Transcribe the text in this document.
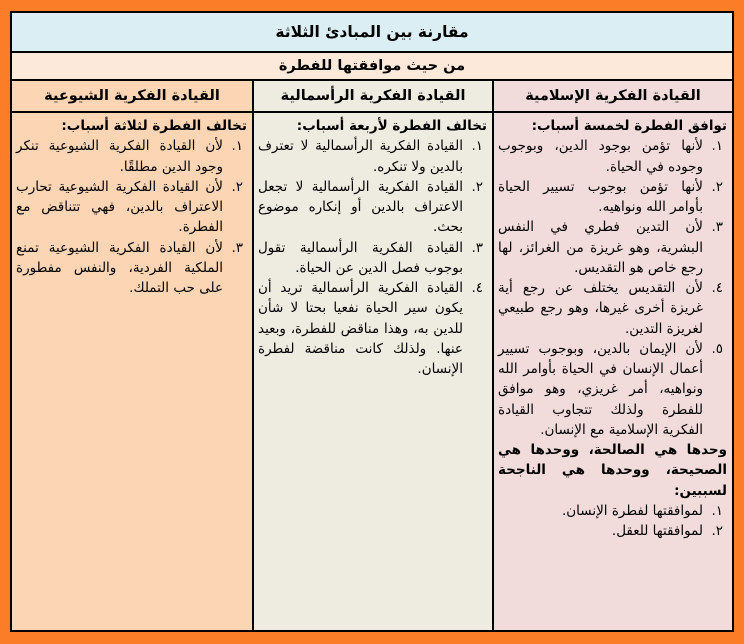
مقارنة بين المبادئ الثلاثة
من حيث موافقتها للفطرة
القيادة الفكرية الإسلامية

توافق الفطرة لخمسة أسباب:

لأنها تؤمن بوجود الدين، وبوجوب وجوده في الحياة.
لأنها تؤمن بوجوب تسيير الحياة بأوامر الله ونواهيه.
لأن التدين فطري في النفس البشرية، وهو غريزة من الغرائز، لها رجع خاص هو التقديس.
لأن التقديس يختلف عن رجع أية غريزة أخرى غيرها، وهو رجع طبيعي لغريزة التدين.
لأن الإيمان بالدين، وبوجوب تسيير أعمال الإنسان في الحياة بأوامر الله ونواهيه، أمر غريزي، وهو موافق للفطرة ولذلك تتجاوب القيادة الفكرية الإسلامية مع الإنسان.

وحدها هي الصالحة، ووحدها هي الصحيحة، ووحدها هي الناجحة لسببين:

لموافقتها لفطرة الإنسان.
لموافقتها للعقل.
القيادة الفكرية الرأسمالية

تخالف الفطرة لأربعة أسباب:

القيادة الفكرية الرأسمالية لا تعترف بالدين ولا تنكره.
القيادة الفكرية الرأسمالية لا تجعل الاعتراف بالدين أو إنكاره موضوع بحث.
القيادة الفكرية الرأسمالية تقول بوجوب فصل الدين عن الحياة.
القيادة الفكرية الرأسمالية تريد أن يكون سير الحياة نفعيا بحتا لا شأن للدين به، وهذا مناقض للفطرة، وبعيد عنها. ولذلك كانت مناقضة لفطرة الإنسان.
القيادة الفكرية الشيوعية

تخالف الفطرة لثلاثة أسباب:

لأن القيادة الفكرية الشيوعية تنكر وجود الدين مطلقًا.
لأن القيادة الفكرية الشيوعية تحارب الاعتراف بالدين، فهي تتناقض مع الفطرة.
لأن القيادة الفكرية الشيوعية تمنع الملكية الفردية، والنفس مفطورة على حب التملك.
